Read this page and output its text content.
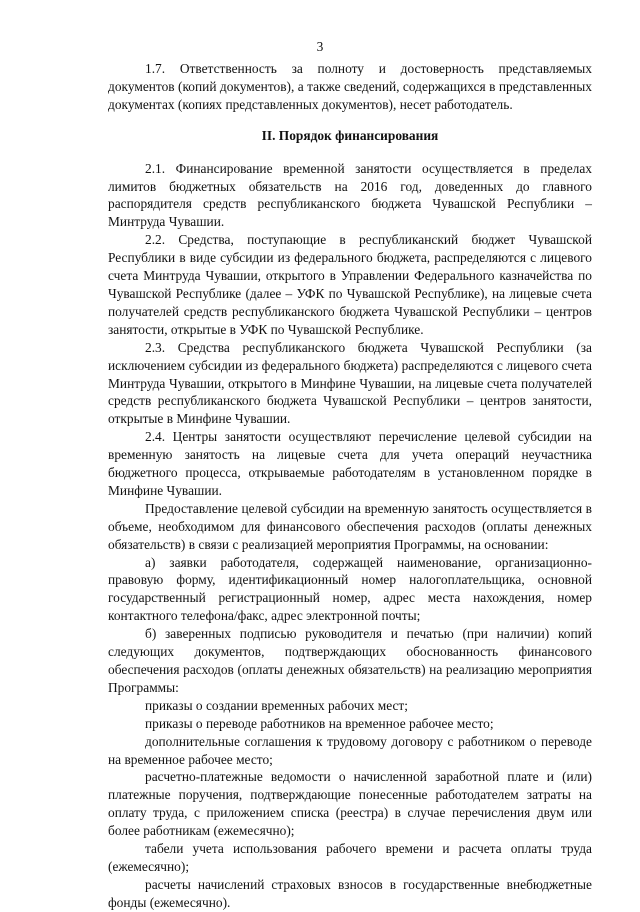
3

1.7. Ответственность за полноту и достоверность представляемых документов (копий документов), а также сведений, содержащихся в представленных документах (копиях представленных документов), несет работодатель.

II. Порядок финансирования

2.1. Финансирование временной занятости осуществляется в пределах лимитов бюджетных обязательств на 2016 год, доведенных до главного распорядителя средств республиканского бюджета Чувашской Республики – Минтруда Чувашии.

2.2. Средства, поступающие в республиканский бюджет Чувашской Республики в виде субсидии из федерального бюджета, распределяются с лицевого счета Минтруда Чувашии, открытого в Управлении Федерального казначейства по Чувашской Республике (далее – УФК по Чувашской Республике), на лицевые счета получателей средств республиканского бюджета Чувашской Республики – центров занятости, открытые в УФК по Чувашской Республике.

2.3. Средства республиканского бюджета Чувашской Республики (за исключением субсидии из федерального бюджета) распределяются с лицевого счета Минтруда Чувашии, открытого в Минфине Чувашии, на лицевые счета получателей средств республиканского бюджета Чувашской Республики – центров занятости, открытые в Минфине Чувашии.

2.4. Центры занятости осуществляют перечисление целевой субсидии на временную занятость на лицевые счета для учета операций неучастника бюджетного процесса, открываемые работодателям в установленном порядке в Минфине Чувашии.

Предоставление целевой субсидии на временную занятость осуществляется в объеме, необходимом для финансового обеспечения расходов (оплаты денежных обязательств) в связи с реализацией мероприятия Программы, на основании:

а) заявки работодателя, содержащей наименование, организационно-правовую форму, идентификационный номер налогоплательщика, основной государственный регистрационный номер, адрес места нахождения, номер контактного телефона/факс, адрес электронной почты;

б) заверенных подписью руководителя и печатью (при наличии) копий следующих документов, подтверждающих обоснованность финансового обеспечения расходов (оплаты денежных обязательств) на реализацию мероприятия Программы:

приказы о создании временных рабочих мест;

приказы о переводе работников на временное рабочее место;

дополнительные соглашения к трудовому договору с работником о переводе на временное рабочее место;

расчетно-платежные ведомости о начисленной заработной плате и (или) платежные поручения, подтверждающие понесенные работодателем затраты на оплату труда, с приложением списка (реестра) в случае перечисления двум или более работникам (ежемесячно);

табели учета использования рабочего времени и расчета оплаты труда (ежемесячно);

расчеты начислений страховых взносов в государственные внебюджетные фонды (ежемесячно).
